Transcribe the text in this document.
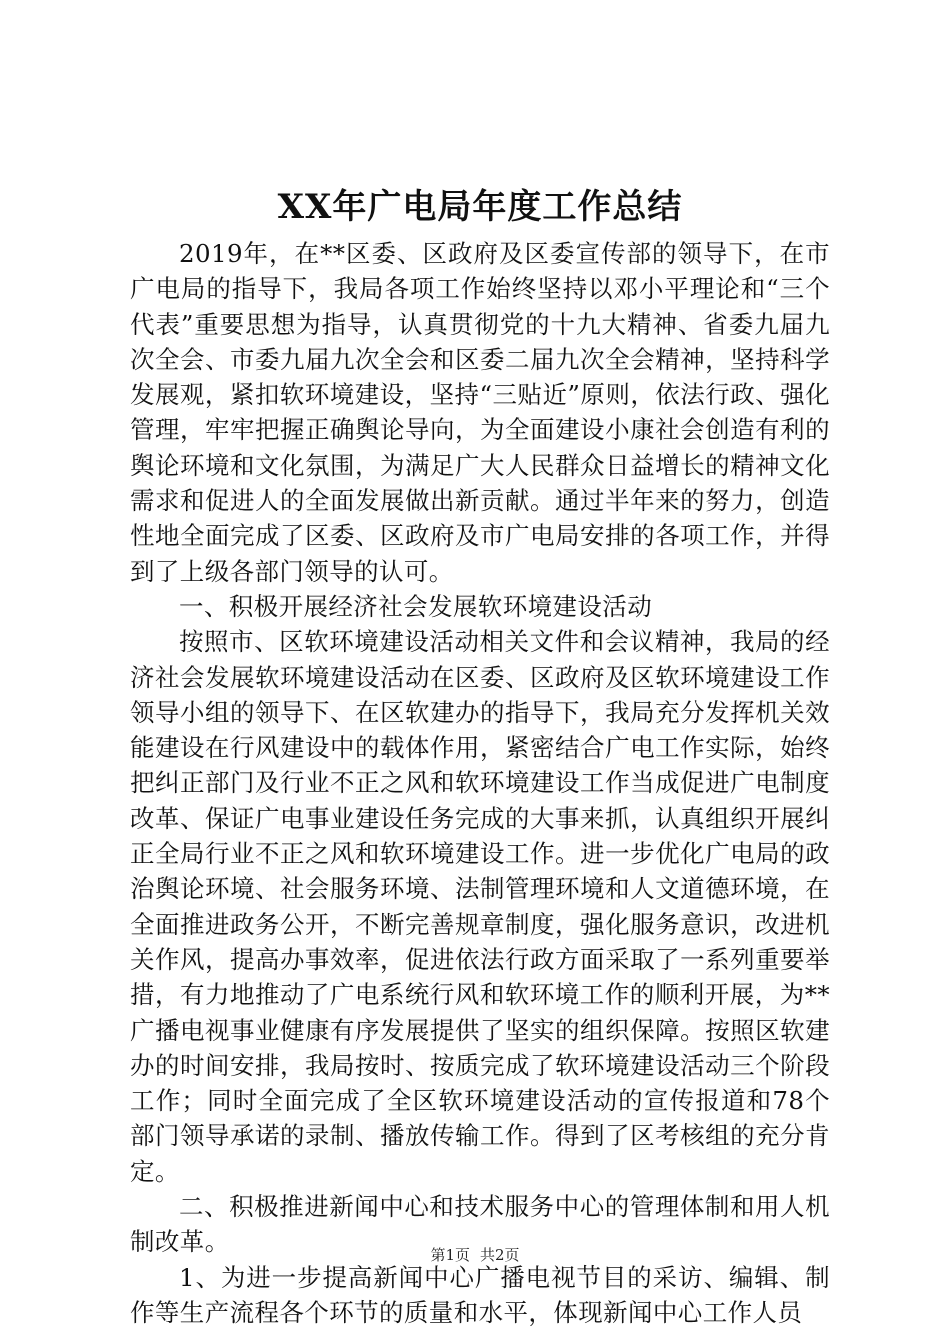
XX年广电局年度工作总结

2019年，在**区委、区政府及区委宣传部的领导下，在市广电局的指导下，我局各项工作始终坚持以邓小平理论和“三个代表”重要思想为指导，认真贯彻党的十九大精神、省委九届九次全会、市委九届九次全会和区委二届九次全会精神，坚持科学发展观，紧扣软环境建设，坚持“三贴近”原则，依法行政、强化管理，牢牢把握正确舆论导向，为全面建设小康社会创造有利的舆论环境和文化氛围，为满足广大人民群众日益增长的精神文化需求和促进人的全面发展做出新贡献。通过半年来的努力，创造性地全面完成了区委、区政府及市广电局安排的各项工作，并得到了上级各部门领导的认可。

一、积极开展经济社会发展软环境建设活动

按照市、区软环境建设活动相关文件和会议精神，我局的经济社会发展软环境建设活动在区委、区政府及区软环境建设工作领导小组的领导下、在区软建办的指导下，我局充分发挥机关效能建设在行风建设中的载体作用，紧密结合广电工作实际，始终把纠正部门及行业不正之风和软环境建设工作当成促进广电制度改革、保证广电事业建设任务完成的大事来抓，认真组织开展纠正全局行业不正之风和软环境建设工作。进一步优化广电局的政治舆论环境、社会服务环境、法制管理环境和人文道德环境，在全面推进政务公开，不断完善规章制度，强化服务意识，改进机关作风，提高办事效率，促进依法行政方面采取了一系列重要举措，有力地推动了广电系统行风和软环境工作的顺利开展，为**广播电视事业健康有序发展提供了坚实的组织保障。按照区软建办的时间安排，我局按时、按质完成了软环境建设活动三个阶段工作；同时全面完成了全区软环境建设活动的宣传报道和78个部门领导承诺的录制、播放传输工作。得到了区考核组的充分肯定。

二、积极推进新闻中心和技术服务中心的管理体制和用人机制改革。

1、为进一步提高新闻中心广播电视节目的采访、编辑、制作等生产流程各个环节的质量和水平，体现新闻中心工作人员

第1页 共2页
